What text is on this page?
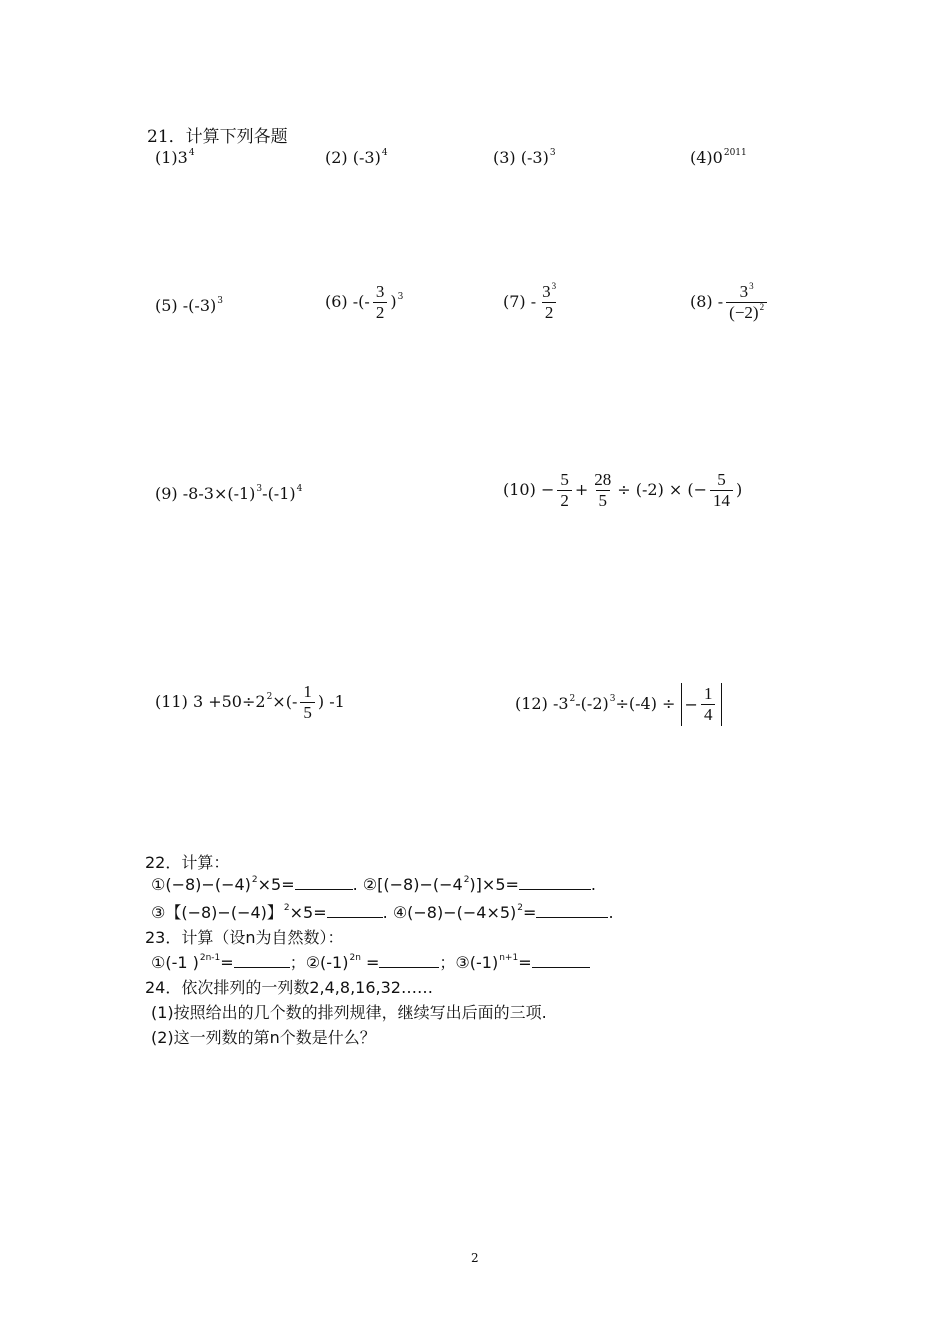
21．计算下列各题
$(1)3^4$	(2) $(-3)^4$	(3) $(-3)^3$	$(4)0^{2011}$
(5) $-(-3)^3$	(6) -(- $\frac{3}{2} )^3$	$(7) - \frac{3^3}{2}$	$(8) - \frac{3^3}{(-2)^2}$
(9) $-8-3\times(-1)^3-(-1)^4$	$(10) - \frac{5}{2} + \frac{28}{5} \div (-2)$ × (− $\frac{5}{14}$ )
(11) $3 +50\div 2^2\times(- \frac{1}{5}$ ) -1	(12) $-3^2-(-2)^3\div(-4)$ ÷ − $\frac{1}{4}$
22．计算：
$①(-8)-(-4)^2\times 5=$	. $②[(-8)-(-4^2)]\times 5=$	.
③【(−8)−(−4)】$^2$×5=	. $④(-8)-(-4\times 5)^2=$	.
23．计算（设n为自然数）：
①(-1 )$^{2n-1}$=	；$②(-1)^{2n}$ =	；$③(-1)^{n+1}=$
24．依次排列的一列数2,4,8,16,32……
(1)按照给出的几个数的排列规律，继续写出后面的三项.
(2)这一列数的第n个数是什么？
2
